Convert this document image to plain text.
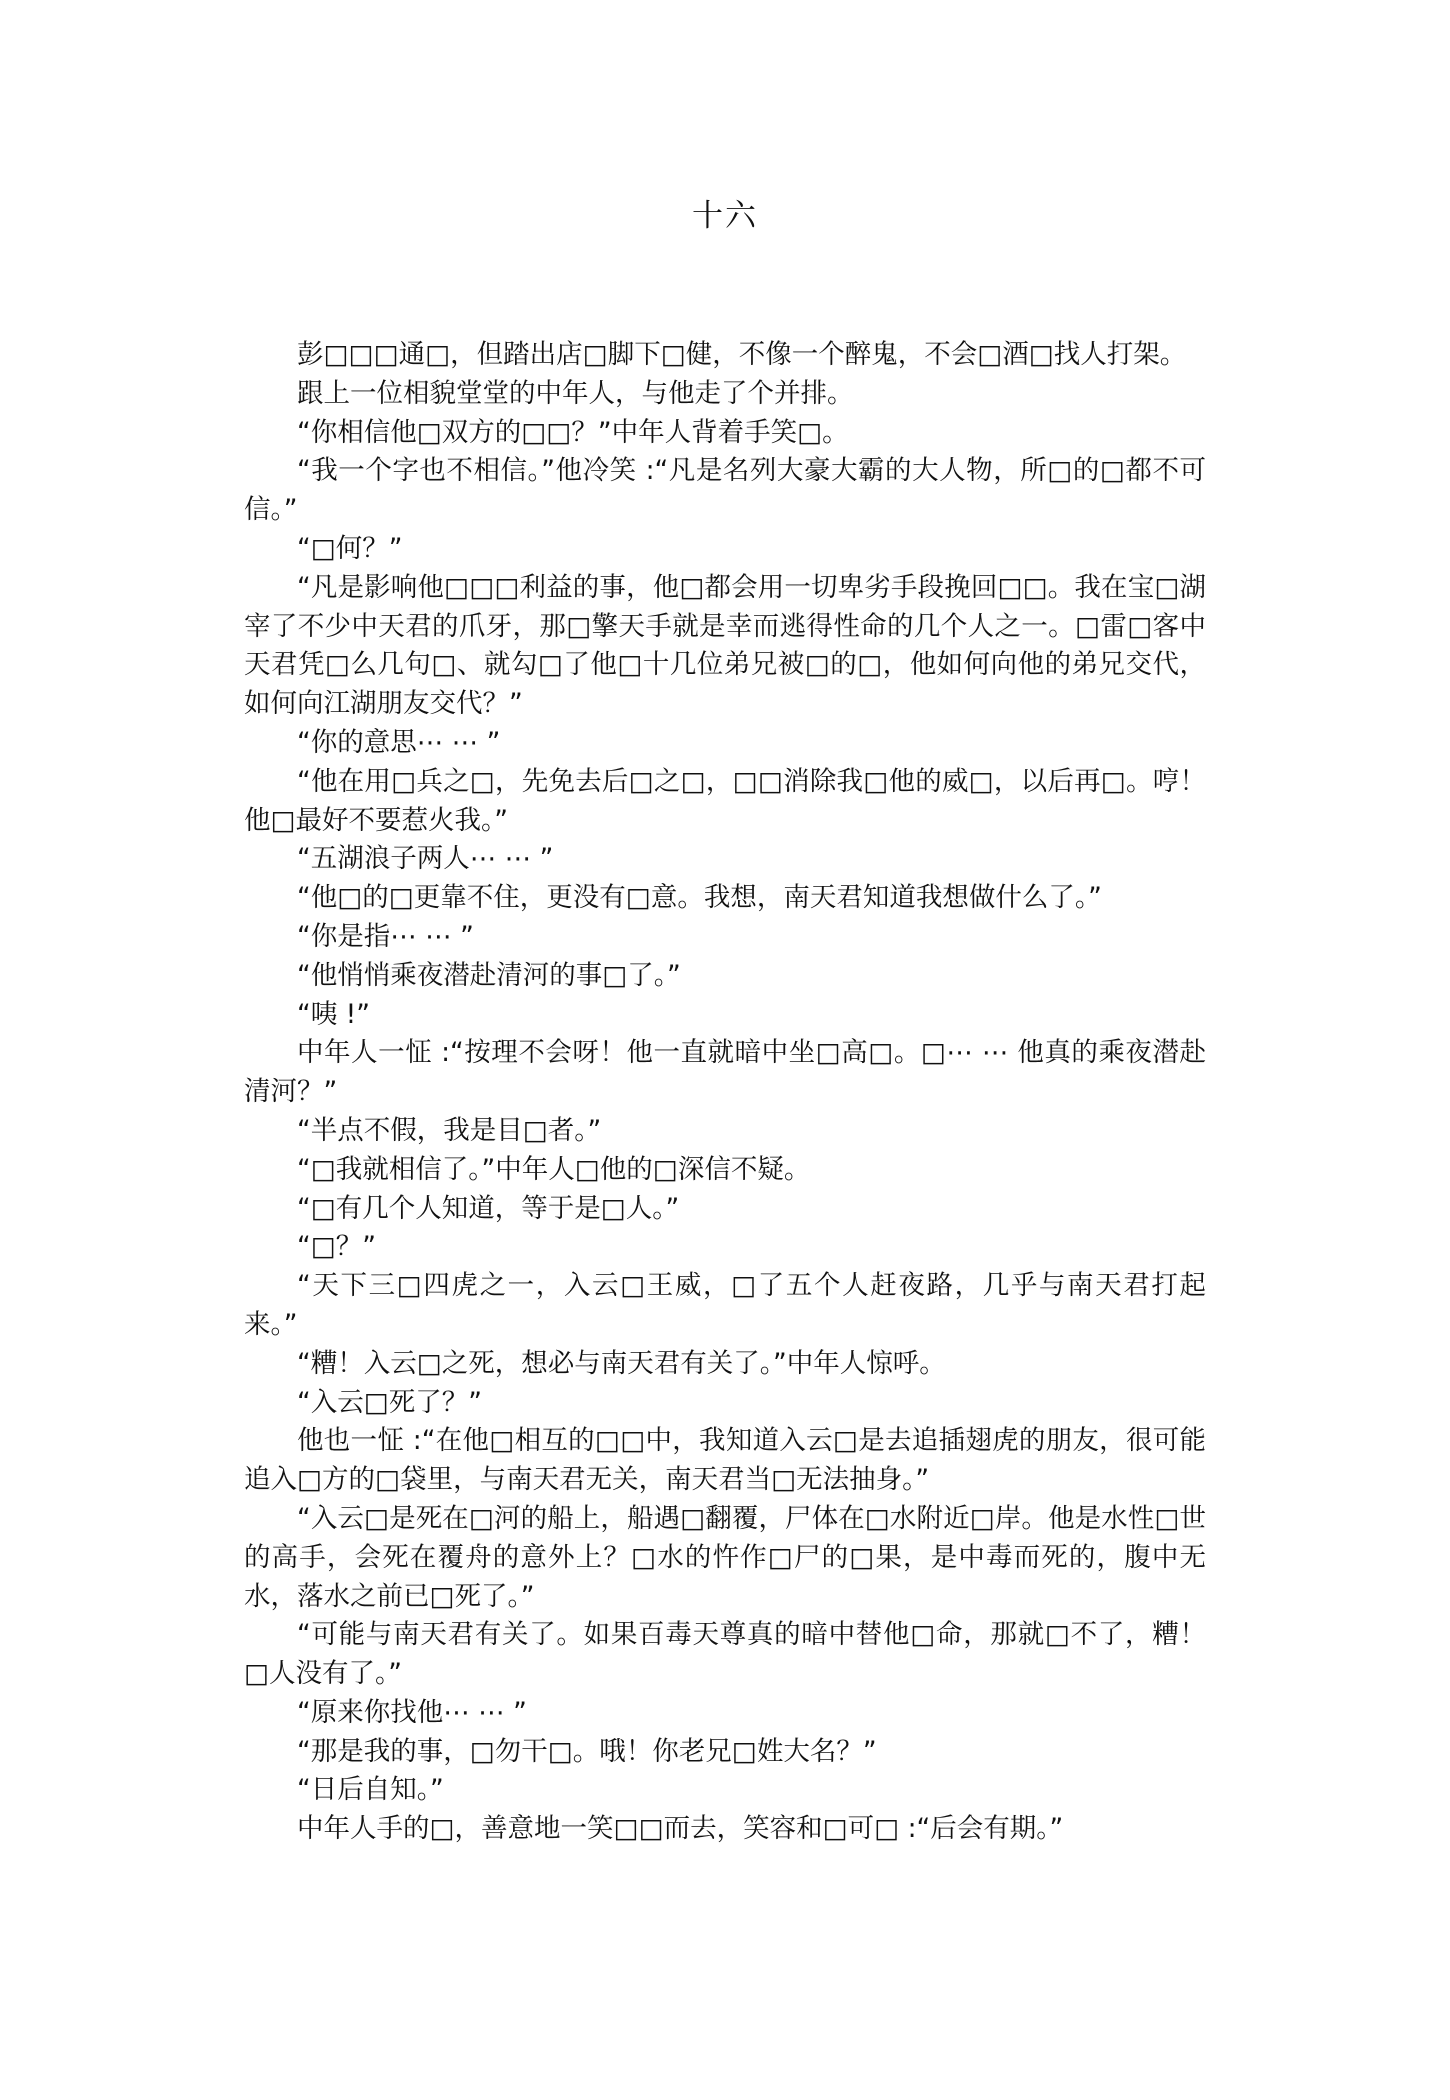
十六

彭□□□通□，但踏出店□脚下□健，不像一个醉鬼，不会□酒□找人打架。

跟上一位相貌堂堂的中年人，与他走了个并排。

“你相信他□双方的□□？”中年人背着手笑□。

“我一个字也不相信。”他冷笑 :“凡是名列大豪大霸的大人物，所□的□都不可信。”

“□何？”

“凡是影响他□□□利益的事，他□都会用一切卑劣手段挽回□□。我在宝□湖宰了不少中天君的爪牙，那□擎天手就是幸而逃得性命的几个人之一。□雷□客中天君凭□么几句□、就勾□了他□十几位弟兄被□的□，他如何向他的弟兄交代，如何向江湖朋友交代？”

“你的意思⋯ ⋯ ”

“他在用□兵之□，先免去后□之□，□□消除我□他的威□，以后再□。哼！他□最好不要惹火我。”

“五湖浪子两人⋯ ⋯ ”

“他□的□更靠不住，更没有□意。我想，南天君知道我想做什么了。”

“你是指⋯ ⋯ ”

“他悄悄乘夜潜赴清河的事□了。”

“咦 !”

中年人一怔 :“按理不会呀！他一直就暗中坐□高□。□⋯ ⋯ 他真的乘夜潜赴清河？”

“半点不假，我是目□者。”

“□我就相信了。”中年人□他的□深信不疑。

“□有几个人知道，等于是□人。”

“□？”

“天下三□四虎之一，入云□王威，□了五个人赶夜路，几乎与南天君打起来。”

“糟！入云□之死，想必与南天君有关了。”中年人惊呼。

“入云□死了？”

他也一怔 :“在他□相互的□□中，我知道入云□是去追插翅虎的朋友，很可能追入□方的□袋里，与南天君无关，南天君当□无法抽身。”

“入云□是死在□河的船上，船遇□翻覆，尸体在□水附近□岸。他是水性□世的高手，会死在覆舟的意外上？□水的忤作□尸的□果，是中毒而死的，腹中无水，落水之前已□死了。”

“可能与南天君有关了。如果百毒天尊真的暗中替他□命，那就□不了，糟！□人没有了。”

“原来你找他⋯ ⋯ ”

“那是我的事，□勿干□。哦！你老兄□姓大名？”

“日后自知。”

中年人手的□，善意地一笑□□而去，笑容和□可□ :“后会有期。”
